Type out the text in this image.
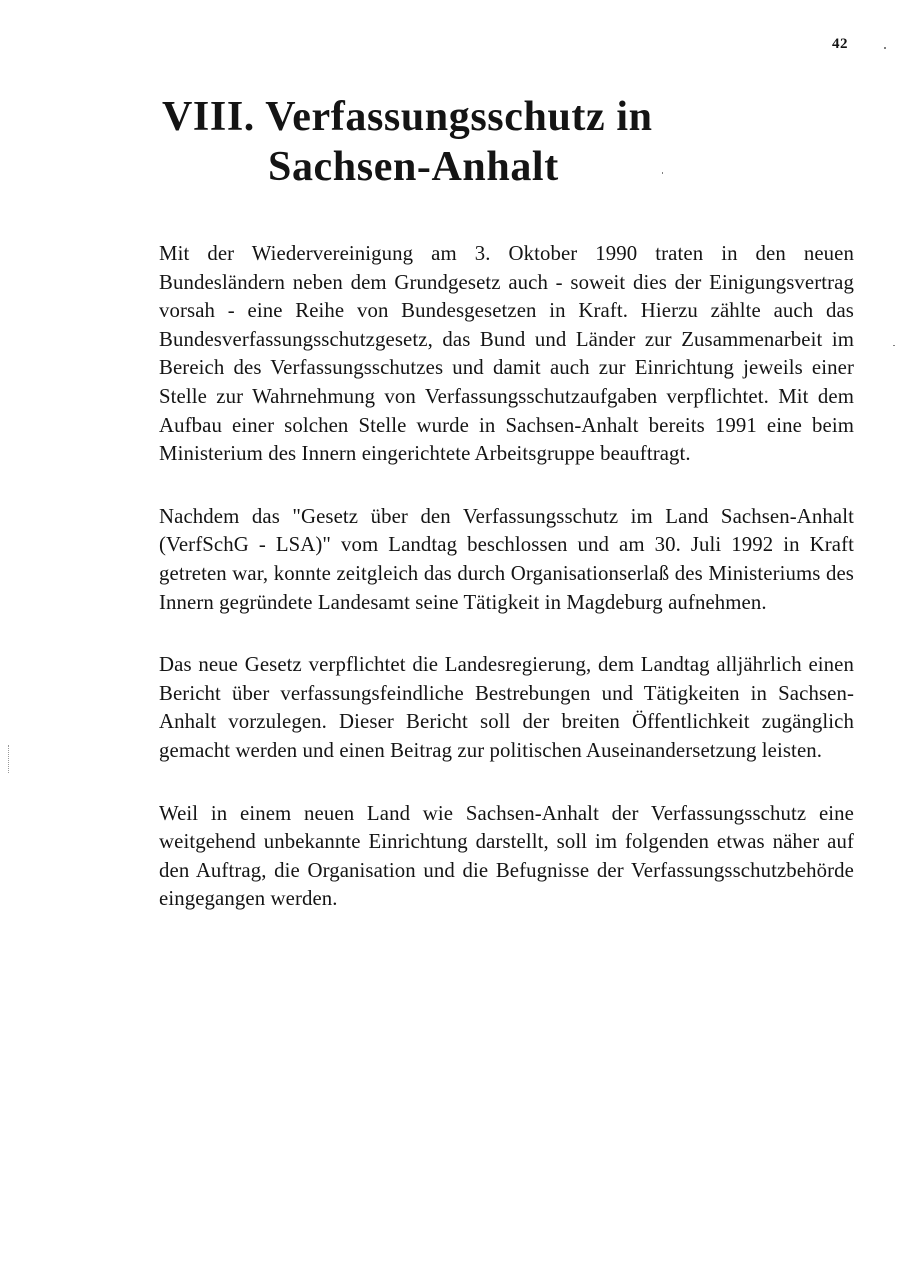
42
VIII. Verfassungsschutz in
Sachsen-Anhalt

Mit der Wiedervereinigung am 3. Oktober 1990 traten in den neuen Bundesländern neben dem Grundgesetz auch - soweit dies der Einigungsvertrag vorsah - eine Reihe von Bundesgesetzen in Kraft. Hierzu zählte auch das Bundesverfassungsschutzgesetz, das Bund und Länder zur Zusammenarbeit im Bereich des Verfassungsschutzes und damit auch zur Einrichtung jeweils einer Stelle zur Wahrnehmung von Verfassungsschutzaufgaben verpflichtet. Mit dem Aufbau einer solchen Stelle wurde in Sachsen-Anhalt bereits 1991 eine beim Ministerium des Innern eingerichtete Arbeitsgruppe beauftragt.

Nachdem das "Gesetz über den Verfassungsschutz im Land Sachsen-Anhalt (VerfSchG - LSA)" vom Landtag beschlossen und am 30. Juli 1992 in Kraft getreten war, konnte zeitgleich das durch Organisationserlaß des Ministeriums des Innern gegründete Landesamt seine Tätigkeit in Magdeburg aufnehmen.

Das neue Gesetz verpflichtet die Landesregierung, dem Landtag alljährlich einen Bericht über verfassungsfeindliche Bestrebungen und Tätigkeiten in Sachsen-Anhalt vorzulegen. Dieser Bericht soll der breiten Öffentlichkeit zugänglich gemacht werden und einen Beitrag zur politischen Auseinandersetzung leisten.

Weil in einem neuen Land wie Sachsen-Anhalt der Verfassungsschutz eine weitgehend unbekannte Einrichtung darstellt, soll im folgenden etwas näher auf den Auftrag, die Organisation und die Befugnisse der Verfassungsschutzbehörde eingegangen werden.
